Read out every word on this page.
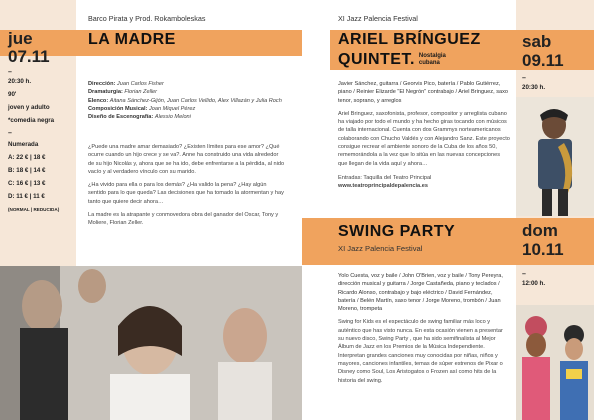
jue
07.11
–
20:30 h.
90'
joven y adulto
*comedia negra
–
Numerada
A: 22 € | 18 €
B: 18 € | 14 €
C: 16 € | 13 €
D: 11 € | 11 €
(NORMAL | REDUCIDA)
Barco Pirata y Prod. Rokamboleskas
LA MADRE

Dirección: Juan Carlos Fisher

Dramaturgia: Florian Zeller

Elenco: Aitana Sánchez-Gijón, Juan Carlos Vellido, Alex Villazán y Julia Roch

Composición Musical: Joan Miquel Pérez

Diseño de Escenografía: Alessio Meloni

¿Puede una madre amar demasiado? ¿Existen límites para ese amor? ¿Qué ocurre cuando un hijo crece y se va?. Anne ha construido una vida alrededor de su hijo Nicolás y, ahora que se ha ido, debe enfrentarse a la pérdida, al nido vacío y al verdadero vínculo con su marido.

¿Ha vivido para ella o para los demás? ¿Ha valido la pena? ¿Hay algún sentido para lo que queda? Las decisiones que ha tomado la atormentan y hay tanto que quiere decir ahora…

La madre es la atrapante y conmovedora obra del ganador del Oscar, Tony y Moliere, Florian Zeller.

XI Jazz Palencia Festival
ARIEL BRÍNGUEZ
QUINTET. Nostalgia
cubana
sab
09.11
–
20:30 h.

Javier Sánchez, guitarra / Georvis Pico, batería / Pablo Gutiérrez, piano / Reinier Elizarde "El Negrón" contrabajo / Ariel Bringuez, saxo tenor, soprano, y arreglos

Ariel Bringuez, saxofonista, profesor, compositor y arreglista cubano ha viajado por todo el mundo y ha hecho giras tocando con músicos de talla internacional. Cuenta con dos Grammys norteamericanos colaborando con Chucho Valdés y con Alejandro Sanz. Este proyecto consigue recrear el ambiente sonoro de la Cuba de los años 50, rememorándola a la vez que lo sitúa en las nuevas concepciones que llegan de la vida aquí y ahora…

Entradas: Taquilla del Teatro Principal

www.teatroprincipaldepalencia.es

SWING PARTY
XI Jazz Palencia Festival
dom
10.11
–
12:00 h.

Yolo Cuesta, voz y baile / John O'Brien, voz y baile / Tony Pereyra, dirección musical y guitarra / Jorge Castañeda, piano y teclados / Ricardo Alonso, contrabajo y bajo eléctrico / David Fernández, batería / Belén Martín, saxo tenor / Jorge Moreno, trombón / Juan Moreno, trompeta

Swing for Kids es el espectáculo de swing familiar más loco y auténtico que has visto nunca. En esta ocasión vienen a presentar su nuevo disco, Swing Party , que ha sido semifinalista al Mejor Álbum de Jazz en los Premios de la Música Independiente. Interpretan grandes canciones muy conocidas por niñas, niños y mayores, canciones infantiles, temas de súper estrenos de Pixar o Disney como Soul, Los Aristogatos o Frozen así como hits de la historia del swing.
